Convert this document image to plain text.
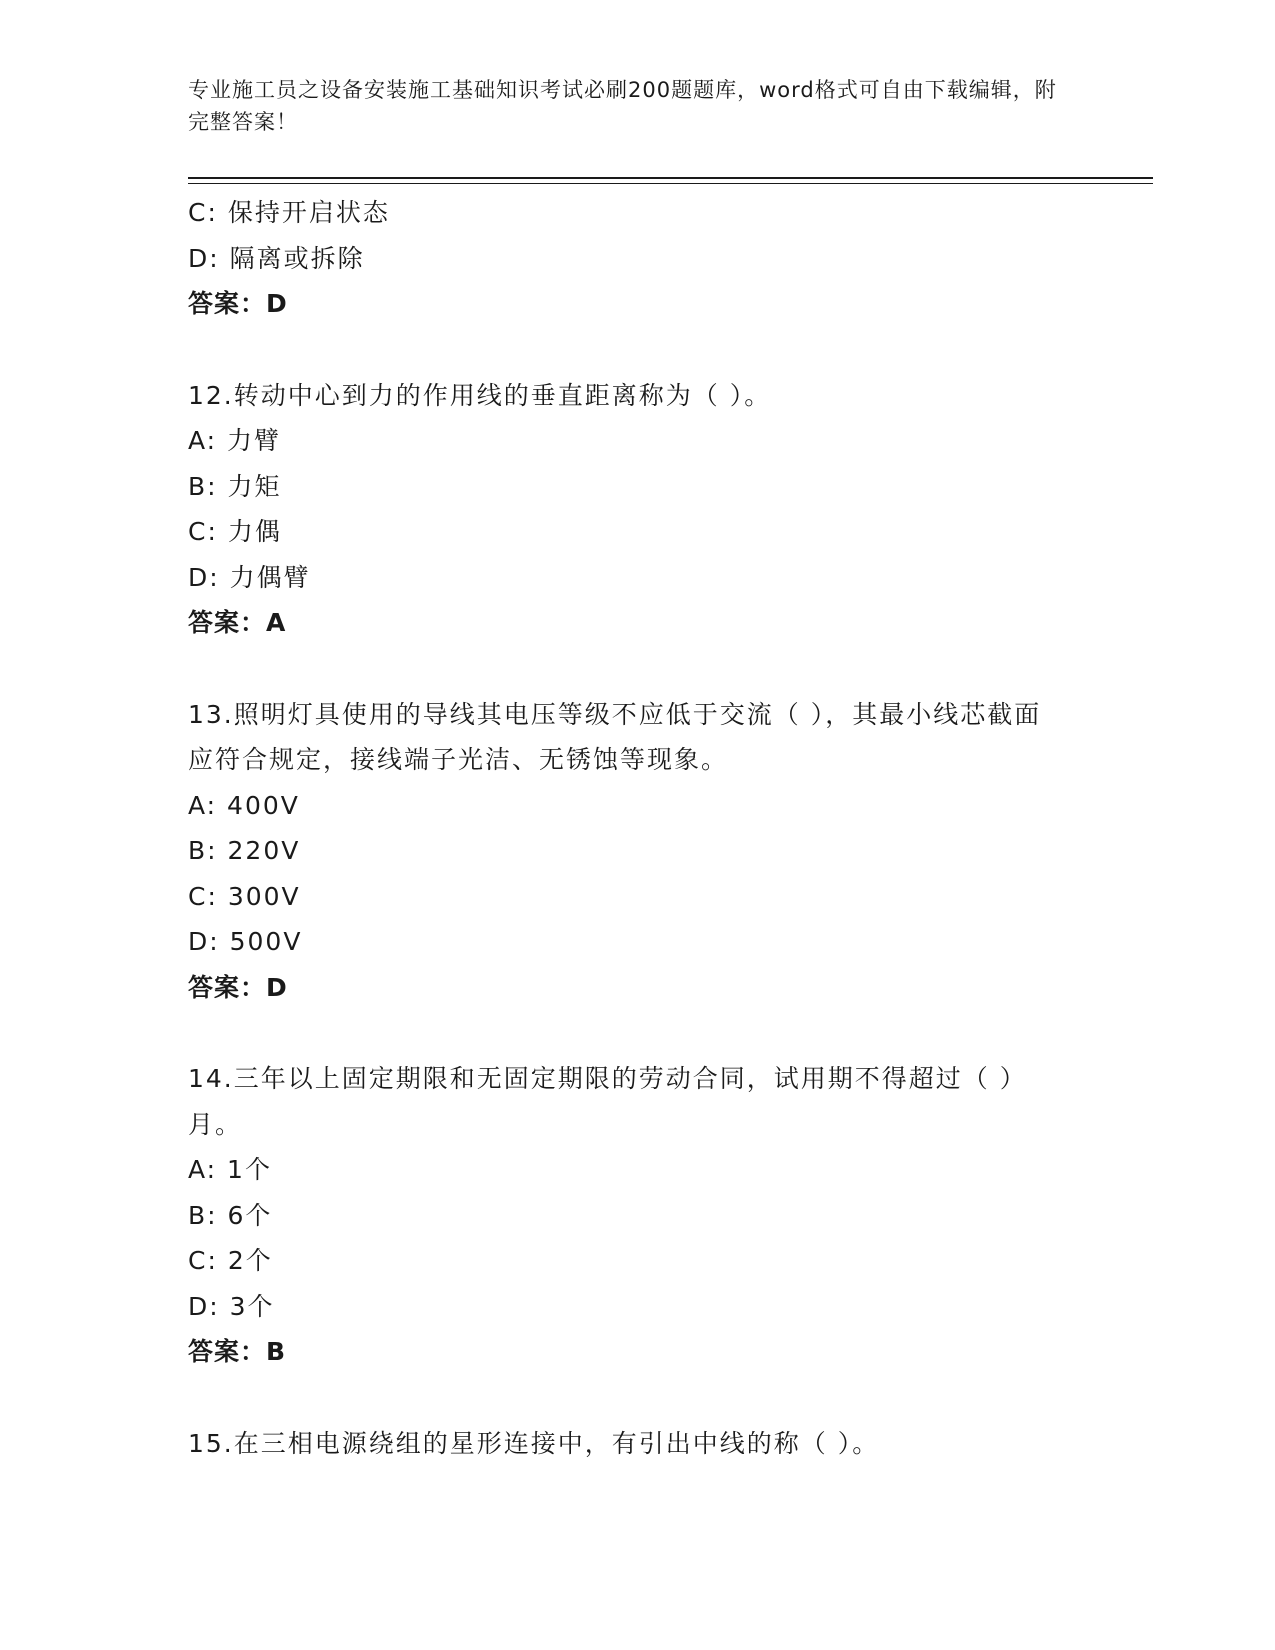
专业施工员之设备安装施工基础知识考试必刷200题题库，word格式可自由下载编辑，附完整答案！
C: 保持开启状态
D: 隔离或拆除
答案：D
12.转动中心到力的作用线的垂直距离称为（ ）。
A: 力臂
B: 力矩
C: 力偶
D: 力偶臂
答案：A
13.照明灯具使用的导线其电压等级不应低于交流（ ），其最小线芯截面应符合规定，接线端子光洁、无锈蚀等现象。
A: 400V
B: 220V
C: 300V
D: 500V
答案：D
14.三年以上固定期限和无固定期限的劳动合同，试用期不得超过（ ）月。
A: 1个
B: 6个
C: 2个
D: 3个
答案：B
15.在三相电源绕组的星形连接中，有引出中线的称（ ）。
